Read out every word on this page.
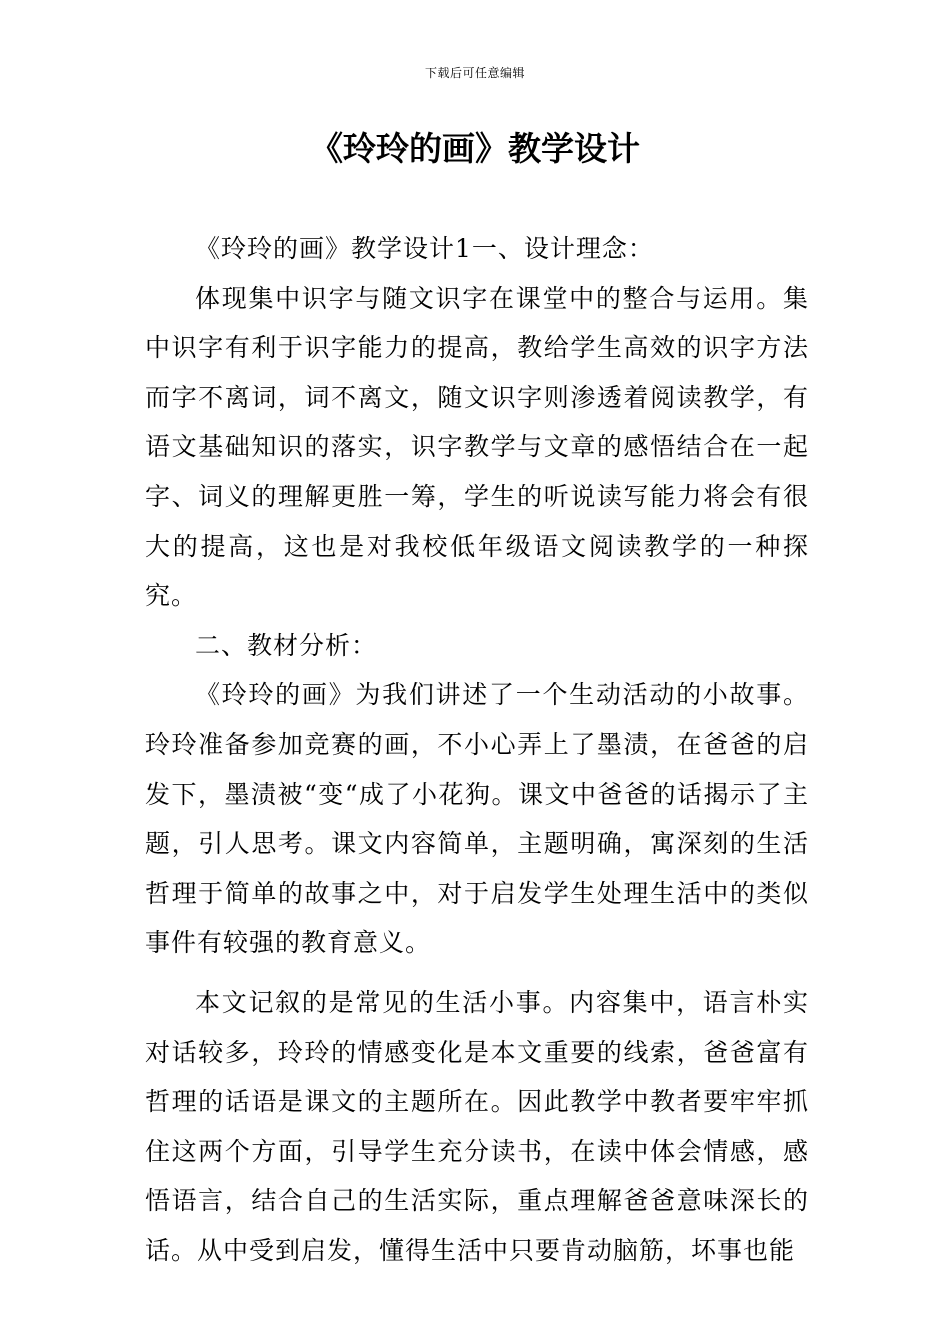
下载后可任意编辑
《玲玲的画》教学设计

《玲玲的画》教学设计1一、设计理念：

体现集中识字与随文识字在课堂中的整合与运用。集中识字有利于识字能力的提高，教给学生高效的识字方法而字不离词，词不离文，随文识字则渗透着阅读教学，有语文基础知识的落实，识字教学与文章的感悟结合在一起字、词义的理解更胜一筹，学生的听说读写能力将会有很大的提高，这也是对我校低年级语文阅读教学的一种探究。

二、教材分析：

《玲玲的画》为我们讲述了一个生动活动的小故事。玲玲准备参加竞赛的画，不小心弄上了墨渍，在爸爸的启发下，墨渍被“变“成了小花狗。课文中爸爸的话揭示了主题，引人思考。课文内容简单，主题明确，寓深刻的生活哲理于简单的故事之中，对于启发学生处理生活中的类似事件有较强的教育意义。

本文记叙的是常见的生活小事。内容集中，语言朴实对话较多，玲玲的情感变化是本文重要的线索，爸爸富有哲理的话语是课文的主题所在。因此教学中教者要牢牢抓住这两个方面，引导学生充分读书，在读中体会情感，感悟语言，结合自己的生活实际，重点理解爸爸意味深长的话。从中受到启发，懂得生活中只要肯动脑筋，坏事也能
